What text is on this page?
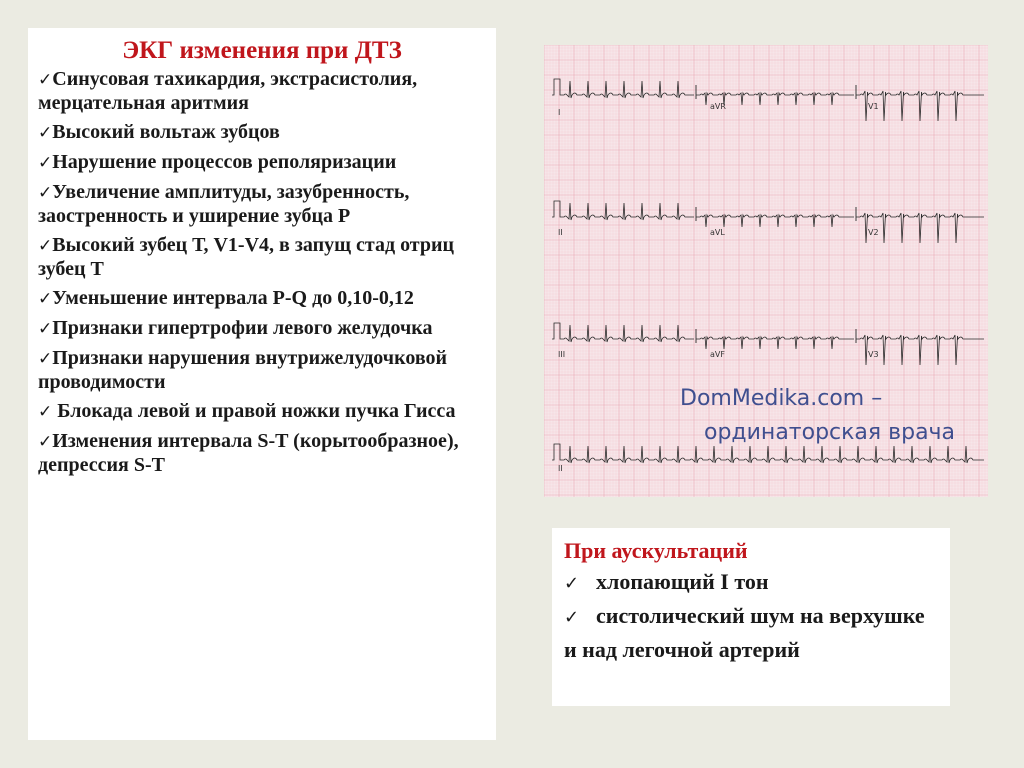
ЭКГ изменения при ДТЗ
✓Синусовая тахикардия, экстрасистолия, мерцательная аритмия
✓Высокий вольтаж зубцов
✓Нарушение процессов реполяризации
✓Увеличение амплитуды, зазубренность, заостренность и уширение зубца Р
✓Высокий зубец Т, V1-V4, в запущ стад отриц зубец Т
✓Уменьшение интервала P-Q до 0,10-0,12
✓Признаки гипертрофии левого желудочка
✓Признаки нарушения внутрижелудочковой проводимости
✓ Блокада левой и правой ножки пучка Гисса
✓Изменения интервала S-T (корытообразное), депрессия S-T
I
aVR	V1
II	aVL	V2
III	aVF	V3
II
DomMedika.com –
ординаторская врача
При аускультаций
✓ хлопающий I тон
✓ систолический шум на верхушке и над легочной артерий
